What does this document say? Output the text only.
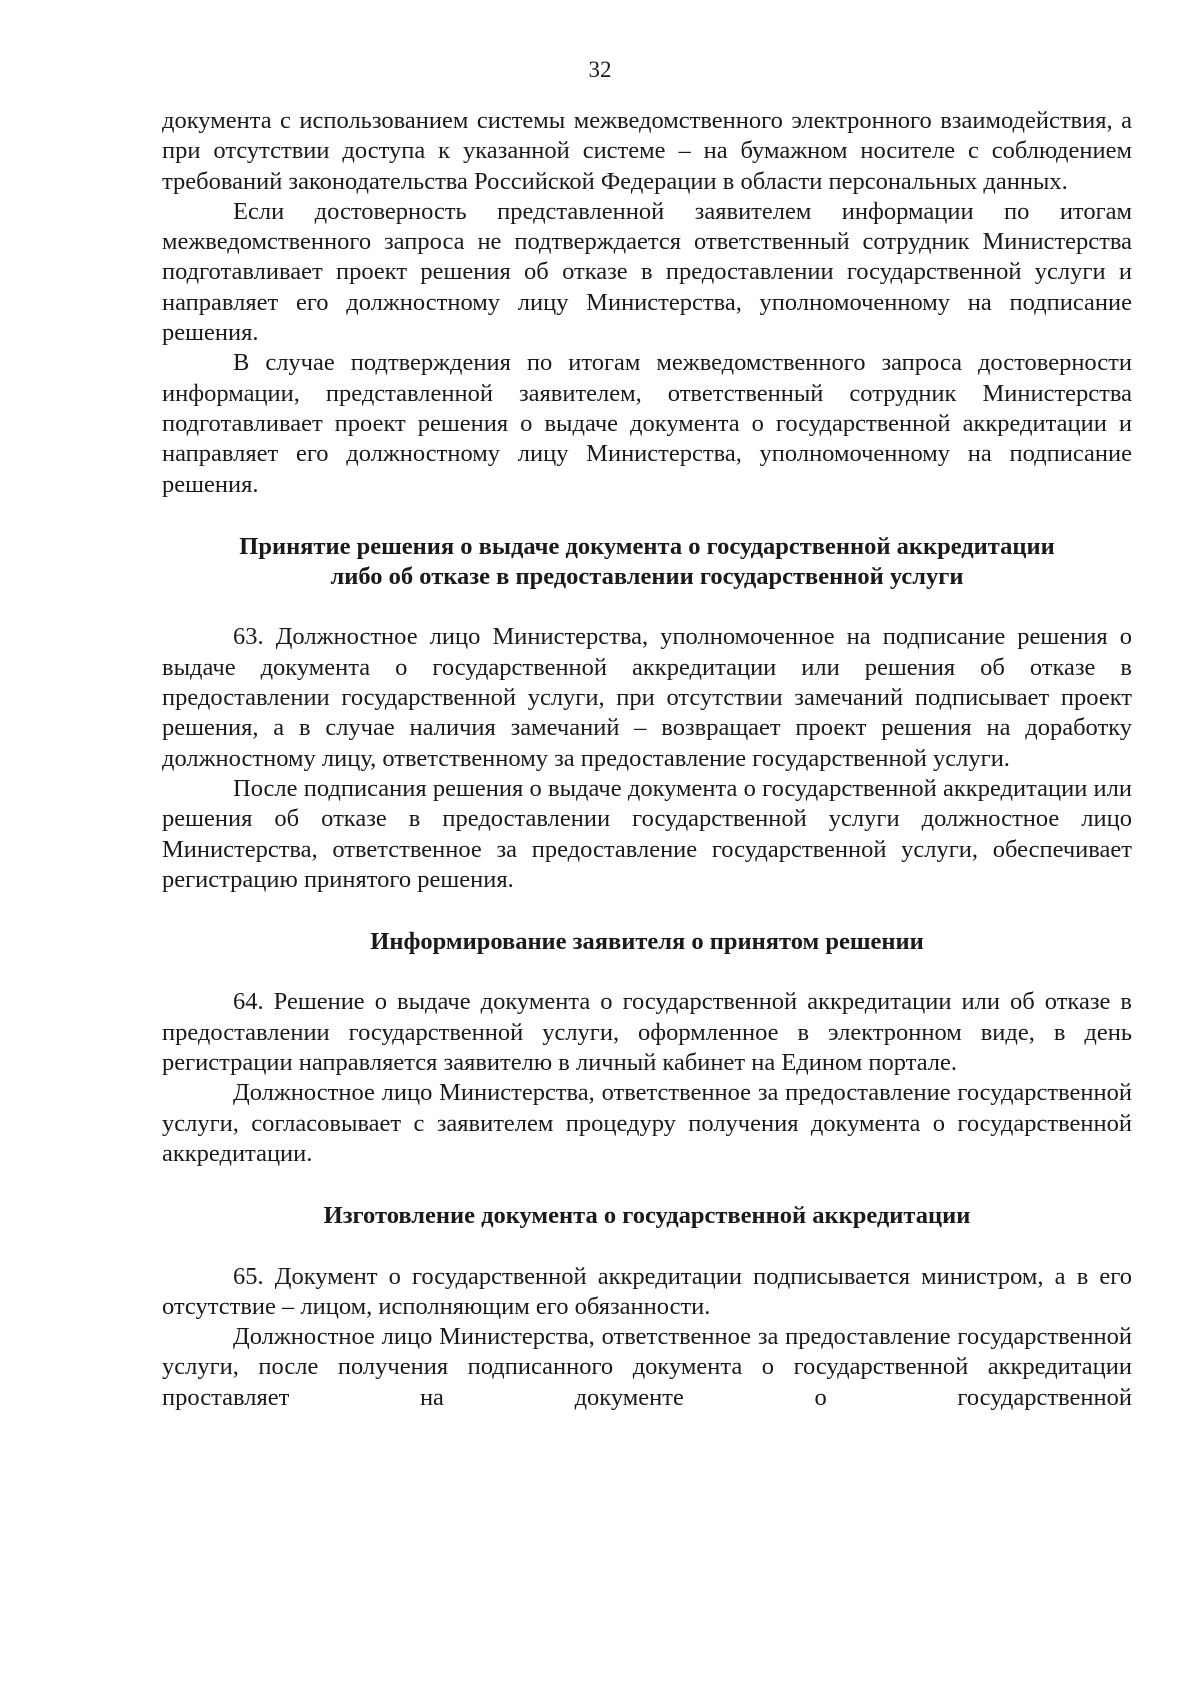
32

документа с использованием системы межведомственного электронного взаимодействия, а при отсутствии доступа к указанной системе – на бумажном носителе с соблюдением требований законодательства Российской Федерации в области персональных данных.

Если достоверность представленной заявителем информации по итогам межведомственного запроса не подтверждается ответственный сотрудник Министерства подготавливает проект решения об отказе в предоставлении государственной услуги и направляет его должностному лицу Министерства, уполномоченному на подписание решения.

В случае подтверждения по итогам межведомственного запроса достоверности информации, представленной заявителем, ответственный сотрудник Министерства подготавливает проект решения о выдаче документа о государственной аккредитации и направляет его должностному лицу Министерства, уполномоченному на подписание решения.

Принятие решения о выдаче документа о государственной аккредитации
либо об отказе в предоставлении государственной услуги

63. Должностное лицо Министерства, уполномоченное на подписание решения о выдаче документа о государственной аккредитации или решения об отказе в предоставлении государственной услуги, при отсутствии замечаний подписывает проект решения, а в случае наличия замечаний – возвращает проект решения на доработку должностному лицу, ответственному за предоставление государственной услуги.

После подписания решения о выдаче документа о государственной аккредитации или решения об отказе в предоставлении государственной услуги должностное лицо Министерства, ответственное за предоставление государственной услуги, обеспечивает регистрацию принятого решения.

Информирование заявителя о принятом решении

64. Решение о выдаче документа о государственной аккредитации или об отказе в предоставлении государственной услуги, оформленное в электронном виде, в день регистрации направляется заявителю в личный кабинет на Едином портале.

Должностное лицо Министерства, ответственное за предоставление государственной услуги, согласовывает с заявителем процедуру получения документа о государственной аккредитации.

Изготовление документа о государственной аккредитации

65. Документ о государственной аккредитации подписывается министром, а в его отсутствие – лицом, исполняющим его обязанности.

Должностное лицо Министерства, ответственное за предоставление государственной услуги, после получения подписанного документа о государственной аккредитации проставляет на документе о государственной
